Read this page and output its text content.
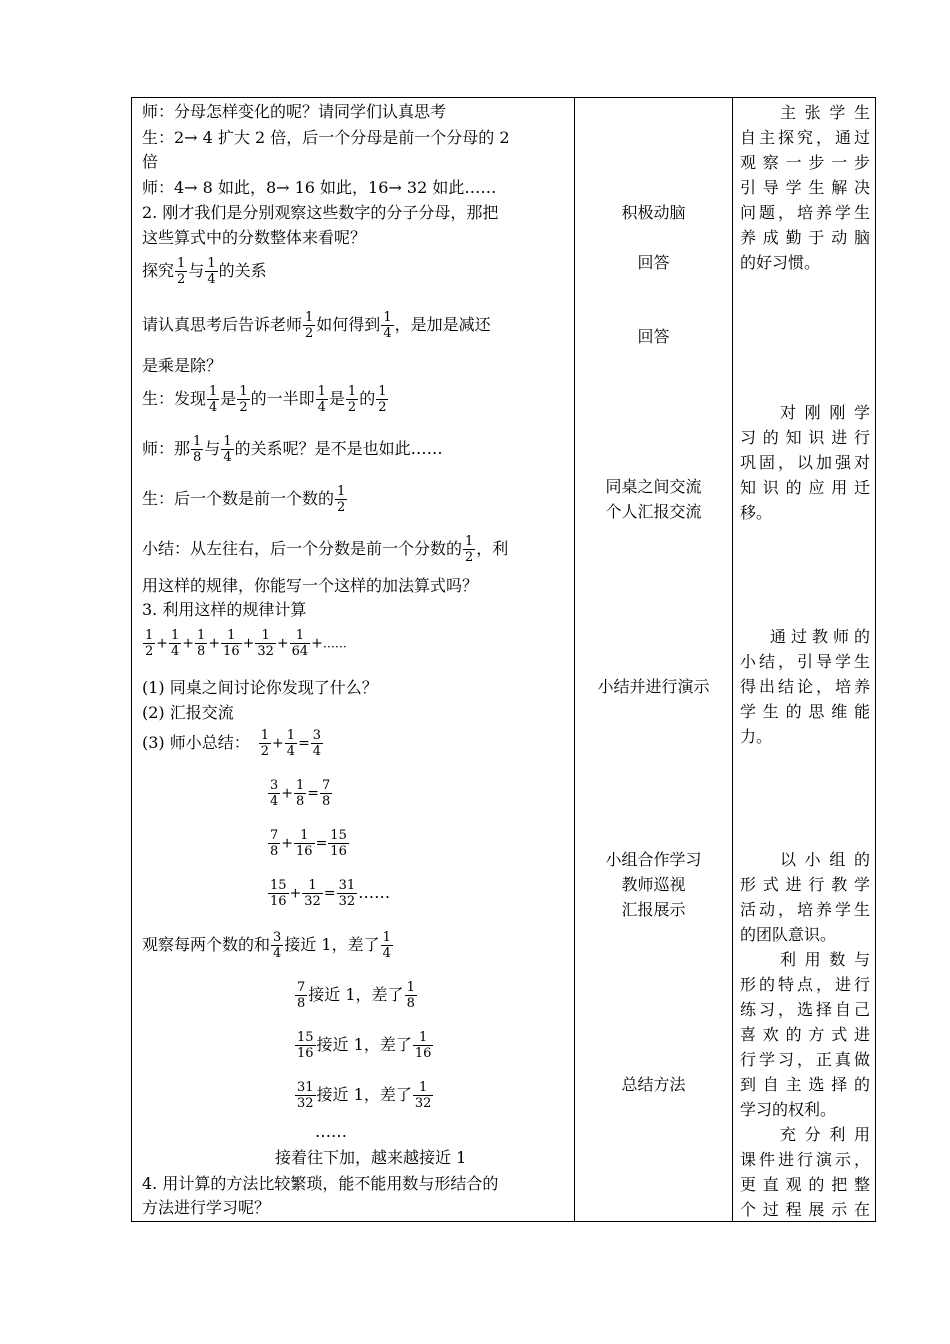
师：分母怎样变化的呢？请同学们认真思考
生：2→ 4 扩大 2 倍，后一个分母是前一个分母的 2
倍
师：4→ 8 如此，8→ 16 如此，16→ 32 如此……
2. 刚才我们是分别观察这些数字的分子分母，那把
这些算式中的分数整体来看呢？
探究 $\frac{1}{2}$ 与 $\frac{1}{4}$ 的关系
请认真思考后告诉老师 $\frac{1}{2}$ 如何得到 $\frac{1}{4}$ ，是加是减还
是乘是除？
生：发现 $\frac{1}{4}$ 是 $\frac{1}{2}$ 的一半即 $\frac{1}{4}$ 是 $\frac{1}{2}$ 的 $\frac{1}{2}$
师：那 $\frac{1}{8}$ 与 $\frac{1}{4}$ 的关系呢？是不是也如此……
生：后一个数是前一个数的 $\frac{1}{2}$
小结：从左往右，后一个分数是前一个分数的 $\frac{1}{2}$ ，利
用这样的规律，你能写一个这样的加法算式吗？
3. 利用这样的规律计算
$\frac{1}{2} + \frac{1}{4} + \frac{1}{8} + \frac{1}{16} + \frac{1}{32} + \frac{1}{64}$ +……
(1) 同桌之间讨论你发现了什么？
(2) 汇报交流
(3) 师小总结： $\frac{1}{2} + \frac{1}{4} = \frac{3}{4}$
$\frac{3}{4} + \frac{1}{8} = \frac{7}{8}$
$\frac{7}{8} + \frac{1}{16} = \frac{15}{16}$
$\frac{15}{16} + \frac{1}{32} = \frac{31}{32}$ ……
观察每两个数的和 $\frac{3}{4}$ 接近 1，差了 $\frac{1}{4}$
$\frac{7}{8}$ 接近 1，差了 $\frac{1}{8}$
$\frac{15}{16}$ 接近 1，差了 $\frac{1}{16}$
$\frac{31}{32}$ 接近 1，差了 $\frac{1}{32}$
……
接着往下加，越来越接近 1
4. 用计算的方法比较繁琐，能不能用数与形结合的
方法进行学习呢？
积极动脑
回答
回答
同桌之间交流
个人汇报交流
小结并进行演示
小组合作学习
教师巡视
汇报展示
总结方法
主张学生
自主探究，通过
观察一步一步
引导学生解决
问题，培养学生
养成勤于动脑
的好习惯。
对刚刚学
习的知识进行
巩固，以加强对
知识的应用迁
移。
通过教师的
小结，引导学生
得出结论，培养
学生的思维能
力。
以小组的
形式进行教学
活动，培养学生
的团队意识。
利用数与
形的特点，进行
练习，选择自己
喜欢的方式进
行学习，正真做
到自主选择的
学习的权利。
充分利用
课件进行演示，
更直观的把整
个过程展示在
